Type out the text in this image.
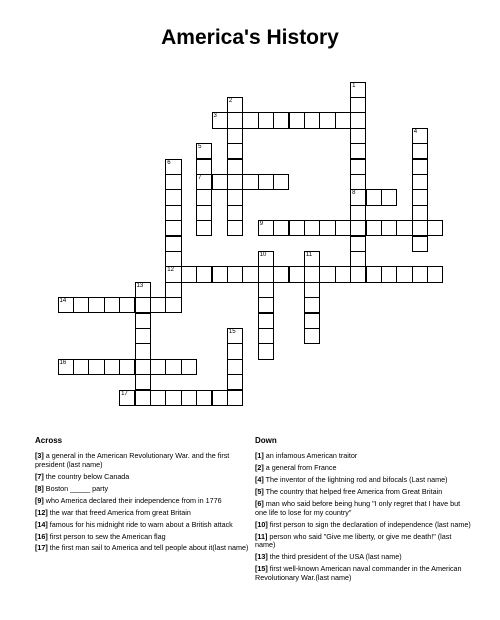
America's History
1
8
2
3
4
5
7
6
12
9
10	11
13
14
15
16
17
Across	Down

[3] a general in the American Revolutionary War. and the first president (last name)

[7] the country below Canada

[8] Boston _____ party

[9] who America declared their independence from in 1776

[12] the war that freed America from great Britain

[14] famous for his midnight ride to warn about a British attack

[16] first person to sew the American flag

[17] the first man sail to America and tell people about it(last name)

[1] an infamous American traitor

[2] a general from France

[4] The inventor of the lightning rod and bifocals (Last name)

[5] The country that helped free America from Great Britain

[6] man who said before being hung "I only regret that I have but one life to lose for my country"

[10] first person to sign the declaration of independence (last name)

[11] person who said "Give me liberty, or give me death!" (last name)

[13] the third president of the USA (last name)

[15] first well-known American naval commander in the American Revolutionary War.(last name)
